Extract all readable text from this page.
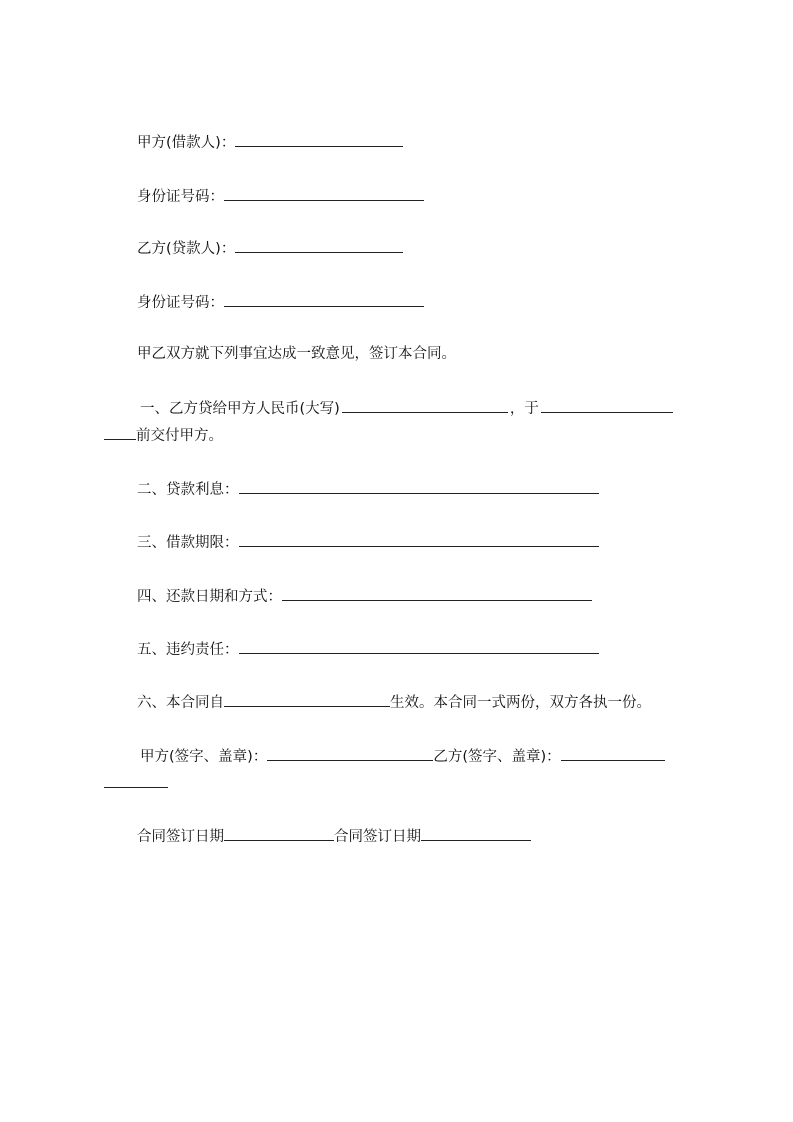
甲方(借款人)：
身份证号码：
乙方(贷款人)：
身份证号码：
甲乙双方就下列事宜达成一致意见，签订本合同。
一、乙方贷给甲方人民币(大写)	，于
前交付甲方。
二、贷款利息：
三、借款期限：
四、还款日期和方式：
五、违约责任：
六、本合同自	生效。本合同一式两份，双方各执一份。
甲方(签字、盖章)：	乙方(签字、盖章)：
合同签订日期	合同签订日期
